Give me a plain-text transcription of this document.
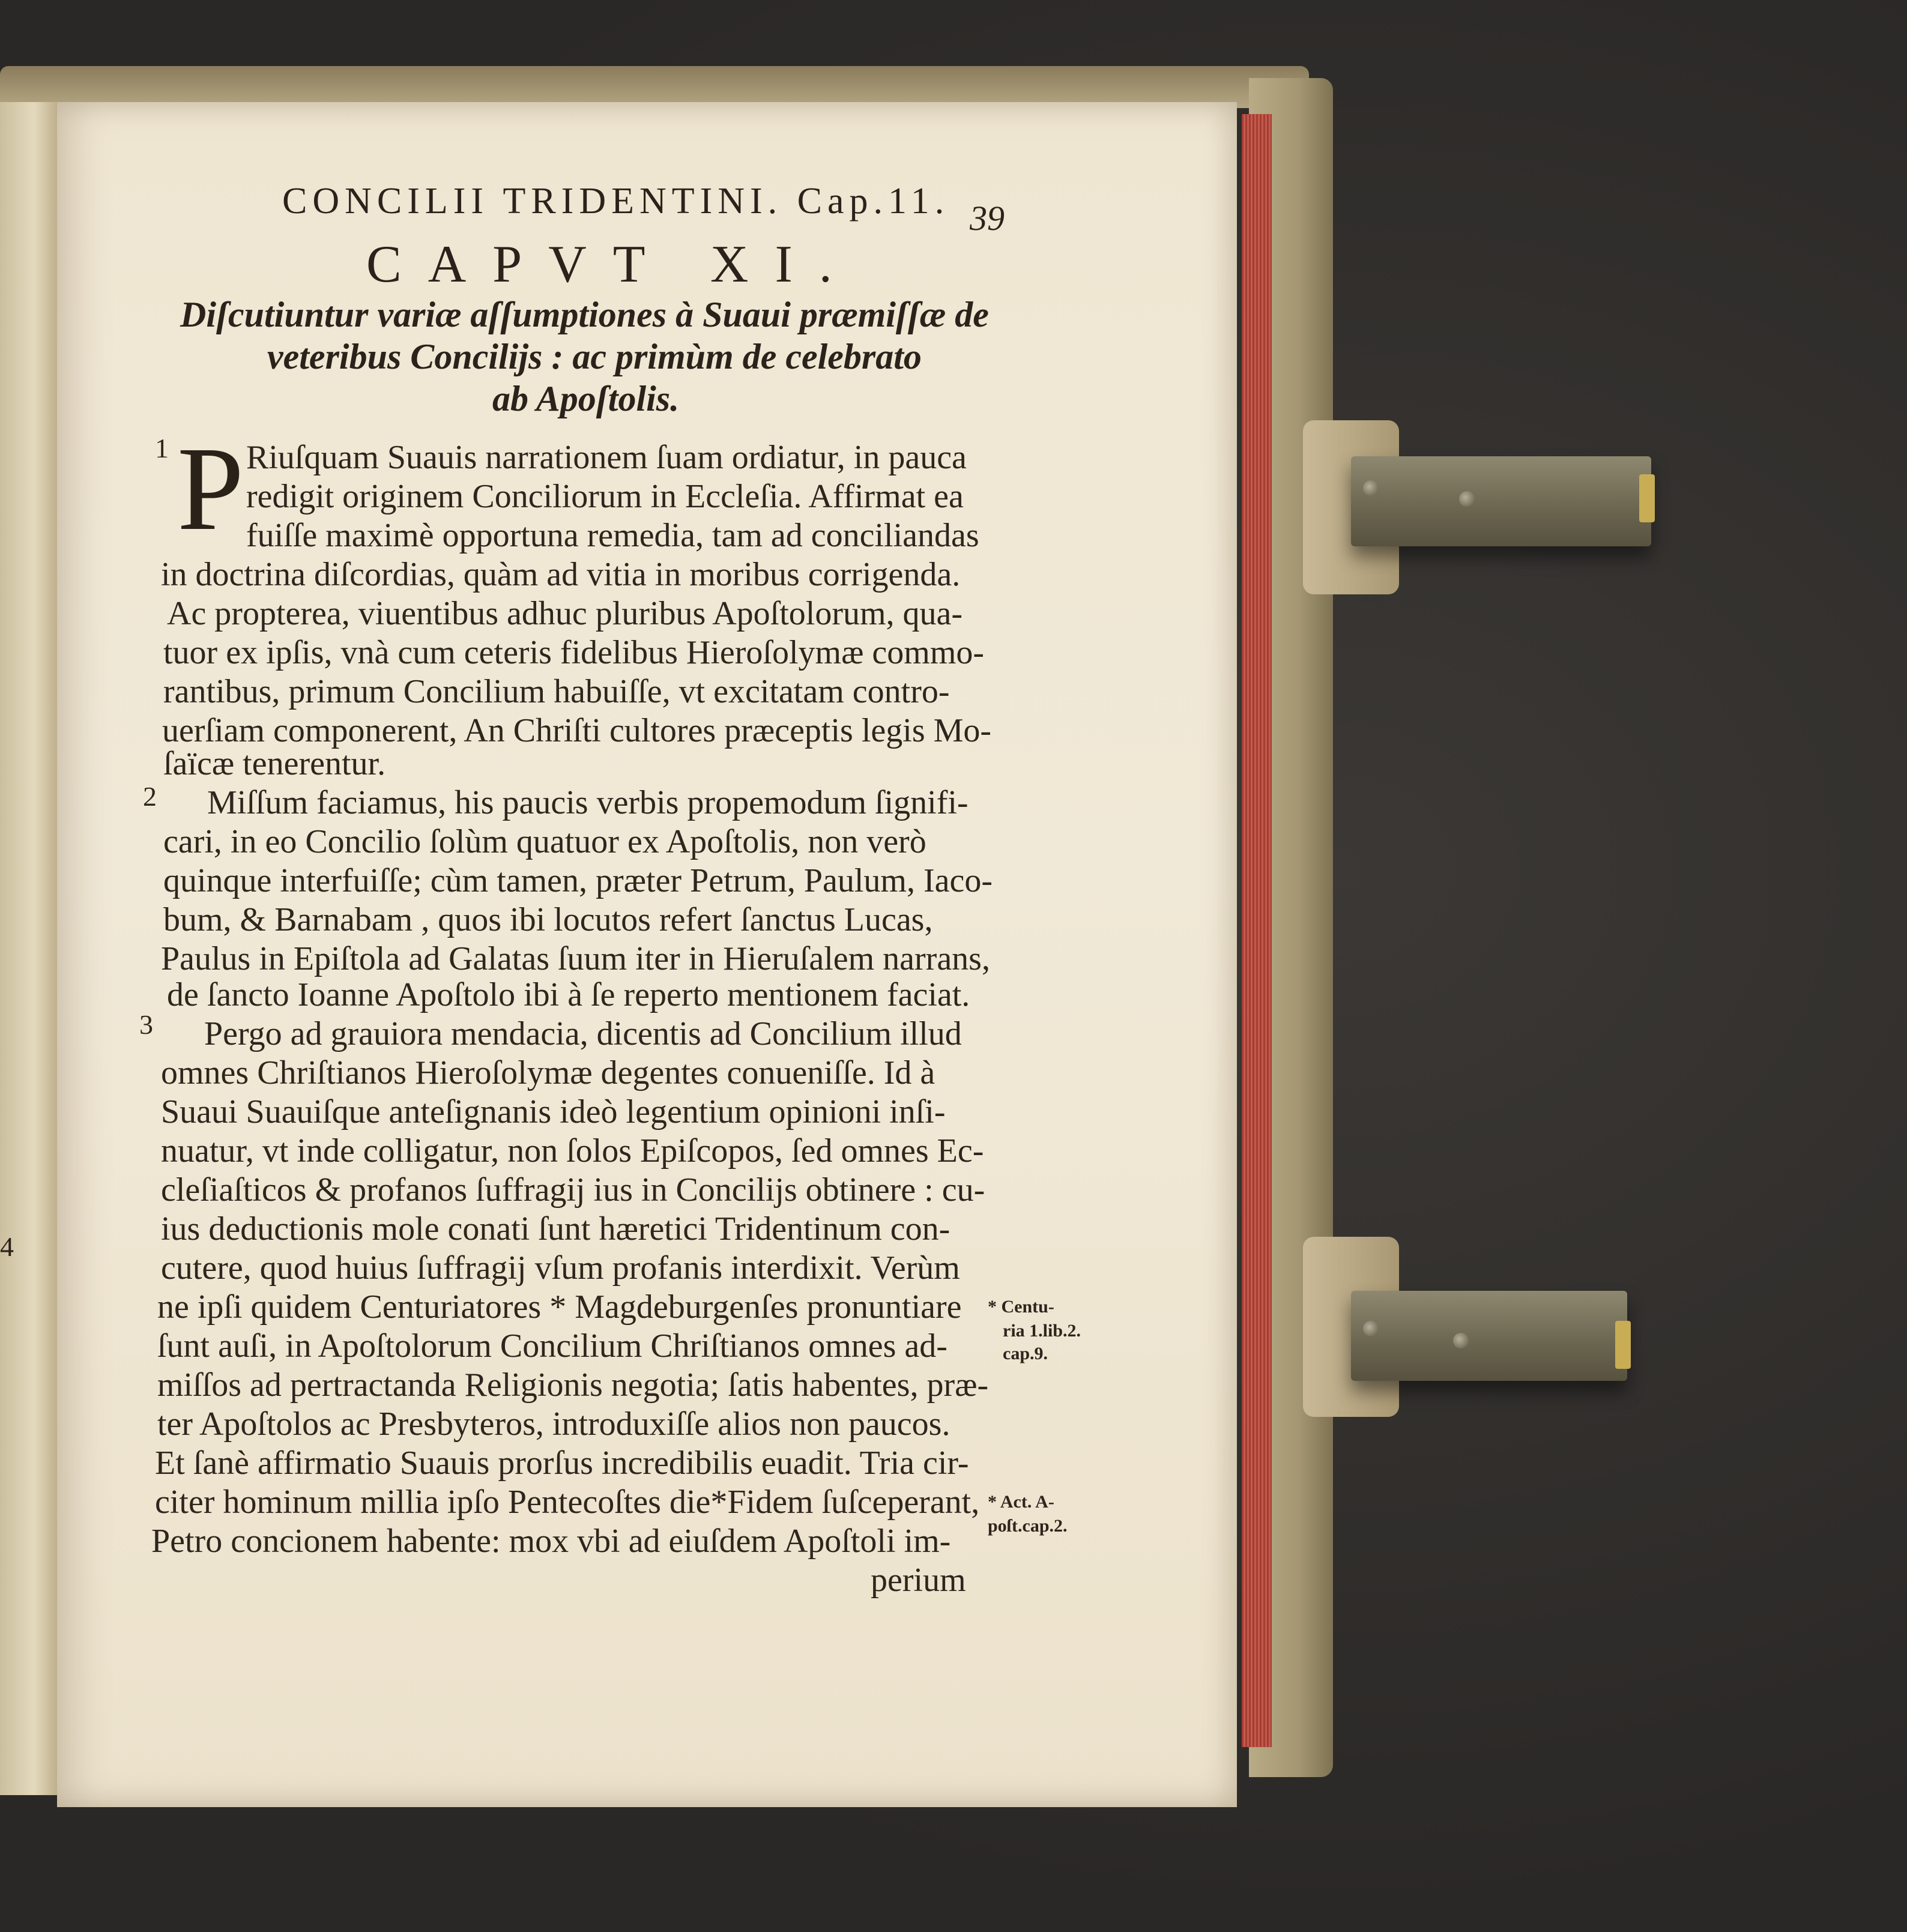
4
CONCILII TRIDENTINI. Cap.11. 39
CAPVT XI.
Diſcutiuntur variæ aſſumptiones à Suaui præmiſſæ de
veteribus Concilijs : ac primùm de celebrato
ab Apoſtolis.
P
1
2
3
Riuſquam Suauis narrationem ſuam ordiatur, in pauca
redigit originem Conciliorum in Eccleſia. Affirmat ea
fuiſſe maximè opportuna remedia, tam ad conciliandas
in doctrina diſcordias, quàm ad vitia in moribus corrigenda.
Ac propterea, viuentibus adhuc pluribus Apoſtolorum, qua-
tuor ex ipſis, vnà cum ceteris fidelibus Hieroſolymæ commo-
rantibus, primum Concilium habuiſſe, vt excitatam contro-
uerſiam componerent, An Chriſti cultores præceptis legis Mo-
ſaïcæ tenerentur.
Miſſum faciamus, his paucis verbis propemodum ſignifi-
cari, in eo Concilio ſolùm quatuor ex Apoſtolis, non verò
quinque interfuiſſe; cùm tamen, præter Petrum, Paulum, Iaco-
bum, & Barnabam , quos ibi locutos refert ſanctus Lucas,
Paulus in Epiſtola ad Galatas ſuum iter in Hieruſalem narrans,
de ſancto Ioanne Apoſtolo ibi à ſe reperto mentionem faciat.
Pergo ad grauiora mendacia, dicentis ad Concilium illud
omnes Chriſtianos Hieroſolymæ degentes conueniſſe. Id à
Suaui Suauiſque anteſignanis ideò legentium opinioni inſi-
nuatur, vt inde colligatur, non ſolos Epiſcopos, ſed omnes Ec-
cleſiaſticos & profanos ſuffragij ius in Concilijs obtinere : cu-
ius deductionis mole conati ſunt hæretici Tridentinum con-
cutere, quod huius ſuffragij vſum profanis interdixit. Verùm
ne ipſi quidem Centuriatores * Magdeburgenſes pronuntiare
ſunt auſi, in Apoſtolorum Concilium Chriſtianos omnes ad-
miſſos ad pertractanda Religionis negotia; ſatis habentes, præ-
ter Apoſtolos ac Presbyteros, introduxiſſe alios non paucos.
Et ſanè affirmatio Suauis prorſus incredibilis euadit. Tria cir-
citer hominum millia ipſo Pentecoſtes die*Fidem ſuſceperant,
Petro concionem habente: mox vbi ad eiuſdem Apoſtoli im-
perium
* Centu-
ria 1.lib.2.
cap.9.
* Act. A-
poſt.cap.2.
